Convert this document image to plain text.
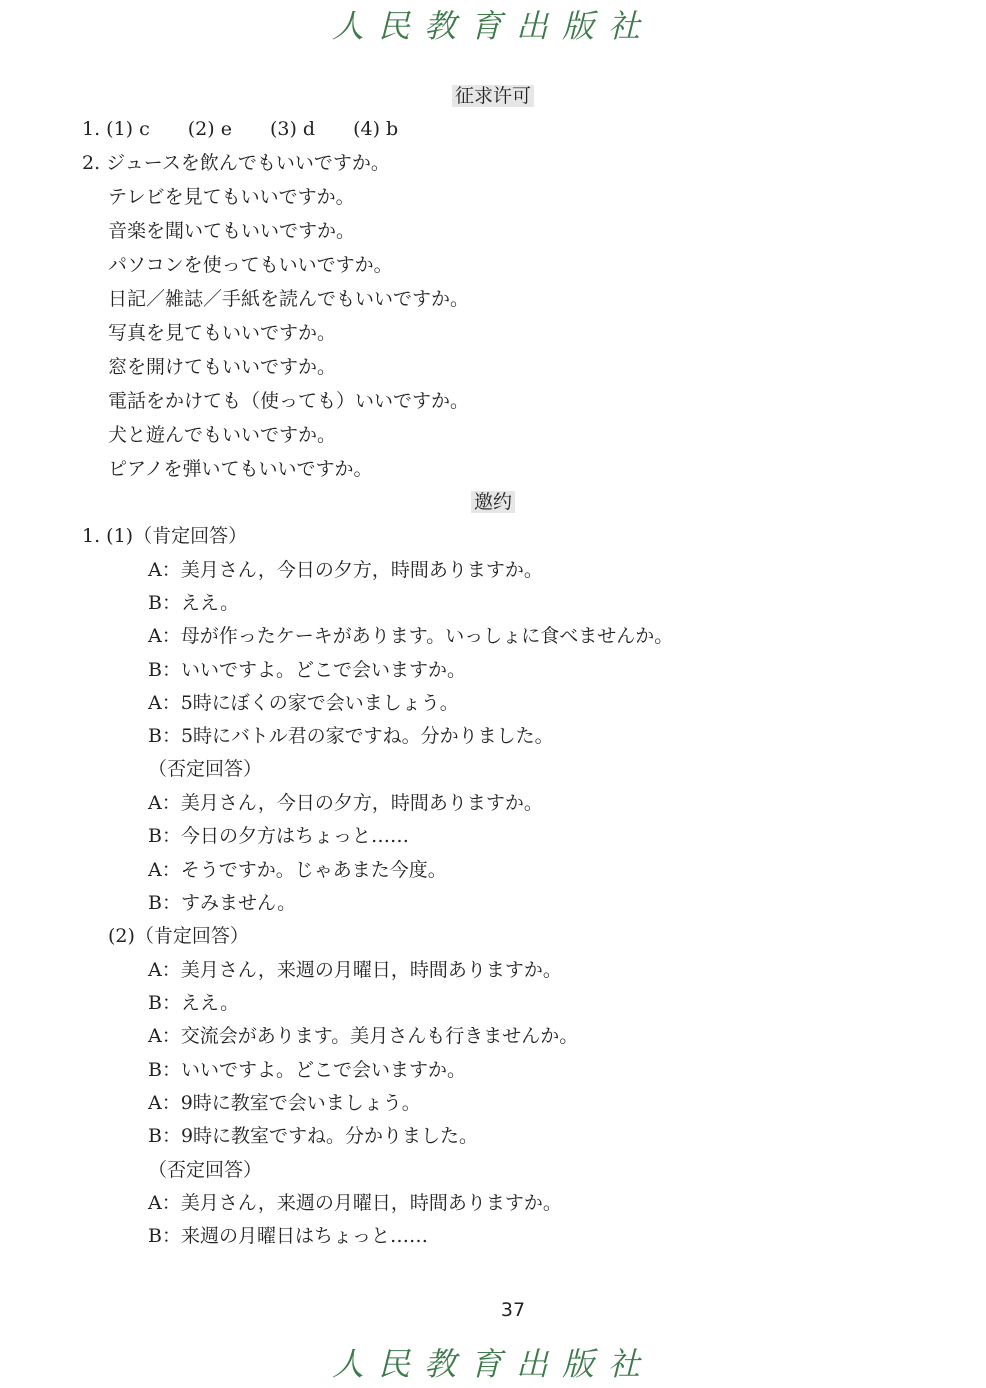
人民教育出版社
征求许可
1. (1) c　　(2) e　　(3) d　　(4) b
2. ジュースを飲んでもいいですか。
テレビを見てもいいですか。
音楽を聞いてもいいですか。
パソコンを使ってもいいですか。
日記／雑誌／手紙を読んでもいいですか。
写真を見てもいいですか。
窓を開けてもいいですか。
電話をかけても（使っても）いいですか。
犬と遊んでもいいですか。
ピアノを弾いてもいいですか。
邀约
1. (1)（肯定回答）
A：美月さん，今日の夕方，時間ありますか。
B：ええ。
A：母が作ったケーキがあります。いっしょに食べませんか。
B：いいですよ。どこで会いますか。
A：5時にぼくの家で会いましょう。
B：5時にバトル君の家ですね。分かりました。
（否定回答）
A：美月さん，今日の夕方，時間ありますか。
B：今日の夕方はちょっと……
A：そうですか。じゃあまた今度。
B：すみません。
(2)（肯定回答）
A：美月さん，来週の月曜日，時間ありますか。
B：ええ。
A：交流会があります。美月さんも行きませんか。
B：いいですよ。どこで会いますか。
A：9時に教室で会いましょう。
B：9時に教室ですね。分かりました。
（否定回答）
A：美月さん，来週の月曜日，時間ありますか。
B：来週の月曜日はちょっと……
37
人民教育出版社
